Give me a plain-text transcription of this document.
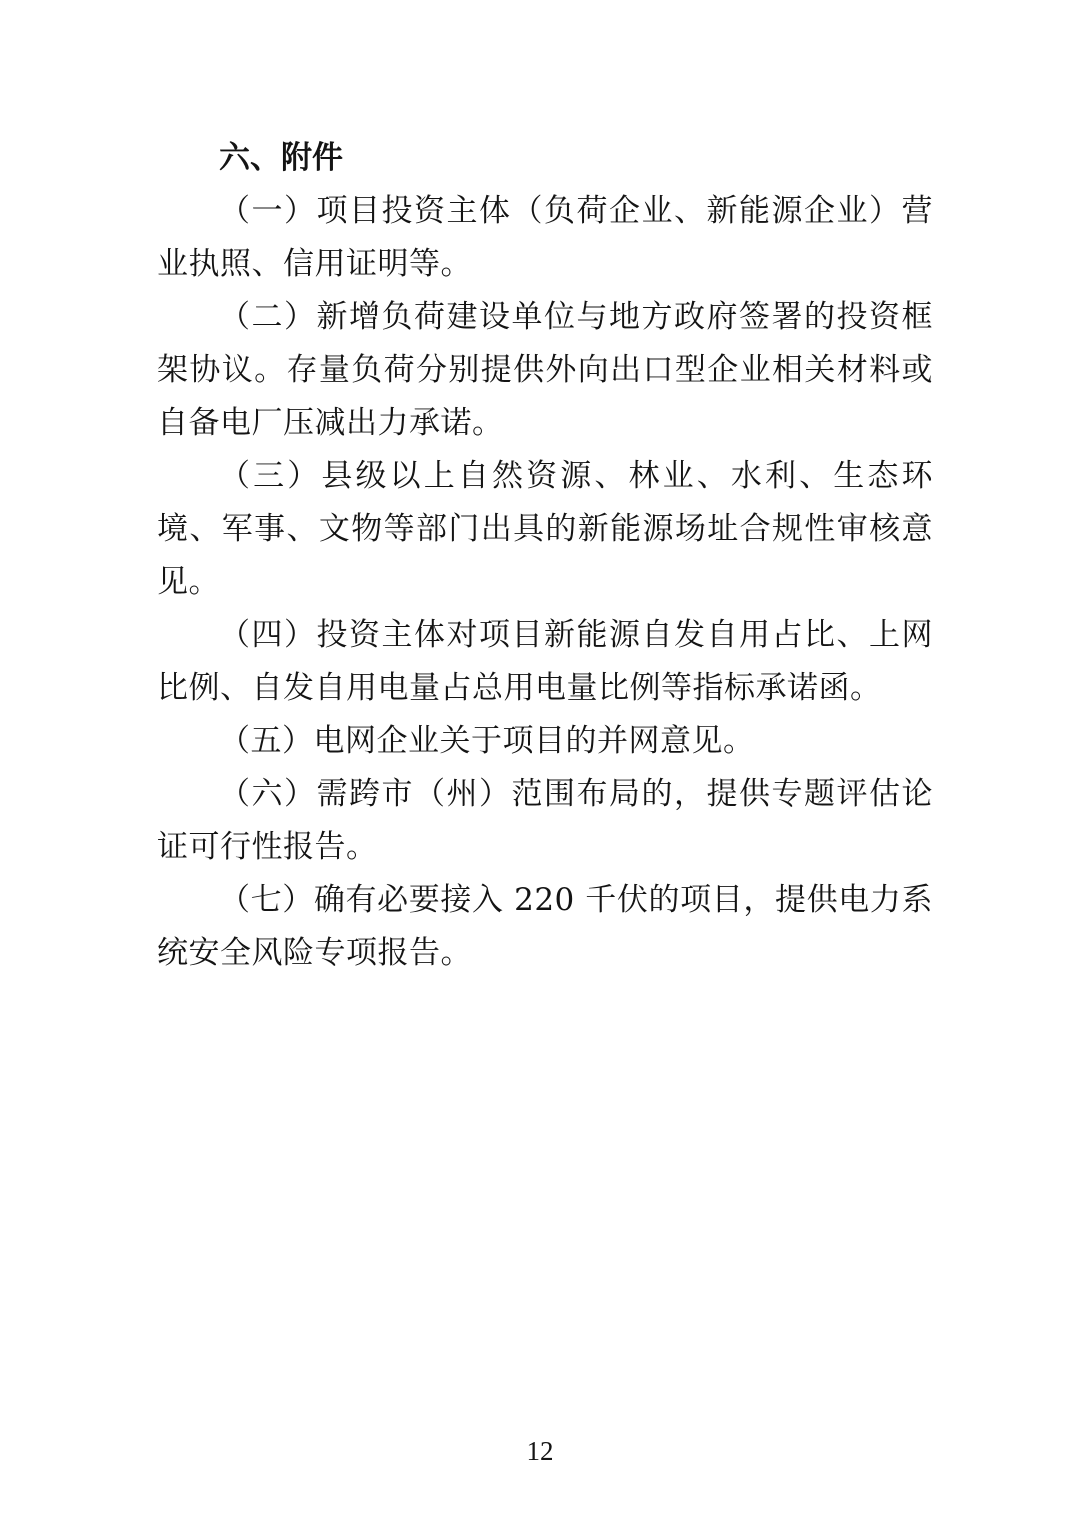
六、附件

（一）项目投资主体（负荷企业、新能源企业）营业执照、信用证明等。

（二）新增负荷建设单位与地方政府签署的投资框架协议。存量负荷分别提供外向出口型企业相关材料或自备电厂压减出力承诺。

（三）县级以上自然资源、林业、水利、生态环境、军事、文物等部门出具的新能源场址合规性审核意见。

（四）投资主体对项目新能源自发自用占比、上网比例、自发自用电量占总用电量比例等指标承诺函。

（五）电网企业关于项目的并网意见。

（六）需跨市（州）范围布局的，提供专题评估论证可行性报告。

（七）确有必要接入 220 千伏的项目，提供电力系统安全风险专项报告。

12
